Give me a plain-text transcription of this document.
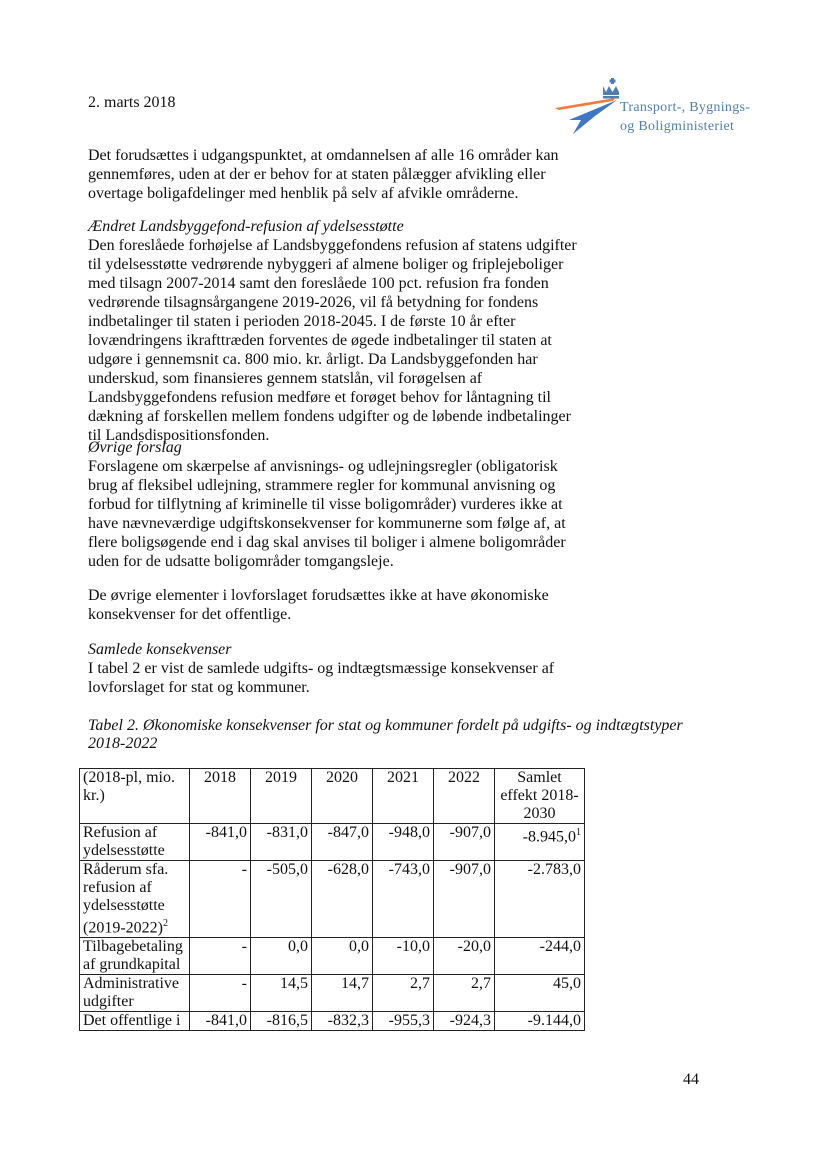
2. marts 2018	Transport-, Bygnings-
og Boligministeriet

Det forudsættes i udgangspunktet, at omdannelsen af alle 16 områder kan gennemføres, uden at der er behov for at staten pålægger afvikling eller overtage boligafdelinger med henblik på selv af afvikle områderne.

Ændret Landsbyggefond-refusion af ydelsesstøtte

Den foreslåede forhøjelse af Landsbyggefondens refusion af statens udgifter til ydelsesstøtte vedrørende nybyggeri af almene boliger og friplejeboliger med tilsagn 2007-2014 samt den foreslåede 100 pct. refusion fra fonden vedrørende tilsagnsårgangene 2019-2026, vil få betydning for fondens indbetalinger til staten i perioden 2018-2045. I de første 10 år efter lovændringens ikrafttræden forventes de øgede indbetalinger til staten at udgøre i gennemsnit ca. 800 mio. kr. årligt. Da Landsbyggefonden har underskud, som finansieres gennem statslån, vil forøgelsen af Landsbyggefondens refusion medføre et forøget behov for låntagning til dækning af forskellen mellem fondens udgifter og de løbende indbetalinger til Landsdispositionsfonden.

Øvrige forslag

Forslagene om skærpelse af anvisnings- og udlejningsregler (obligatorisk brug af fleksibel udlejning, strammere regler for kommunal anvisning og forbud for tilflytning af kriminelle til visse boligområder) vurderes ikke at have nævneværdige udgiftskonsekvenser for kommunerne som følge af, at flere boligsøgende end i dag skal anvises til boliger i almene boligområder uden for de udsatte boligområder tomgangsleje.

De øvrige elementer i lovforslaget forudsættes ikke at have økonomiske konsekvenser for det offentlige.

Samlede konsekvenser

I tabel 2 er vist de samlede udgifts- og indtægtsmæssige konsekvenser af lovforslaget for stat og kommuner.

Tabel 2. Økonomiske konsekvenser for stat og kommuner fordelt på udgifts- og indtægtstyper 2018-2022
(2018-pl, mio. kr.)	2018	2019	2020	2021	2022	Samlet effekt 2018-2030
Refusion af ydelsesstøtte	-841,0	-831,0	-847,0	-948,0	-907,0	-8.945,0$^1$
Råderum sfa. refusion af ydelsesstøtte (2019-2022)$^2$	-	-505,0	-628,0	-743,0	-907,0	-2.783,0
Tilbagebetaling af grundkapital	-	0,0	0,0	-10,0	-20,0	-244,0
Administrative udgifter	-	14,5	14,7	2,7	2,7	45,0
Det offentlige i	-841,0	-816,5	-832,3	-955,3	-924,3	-9.144,0
44
